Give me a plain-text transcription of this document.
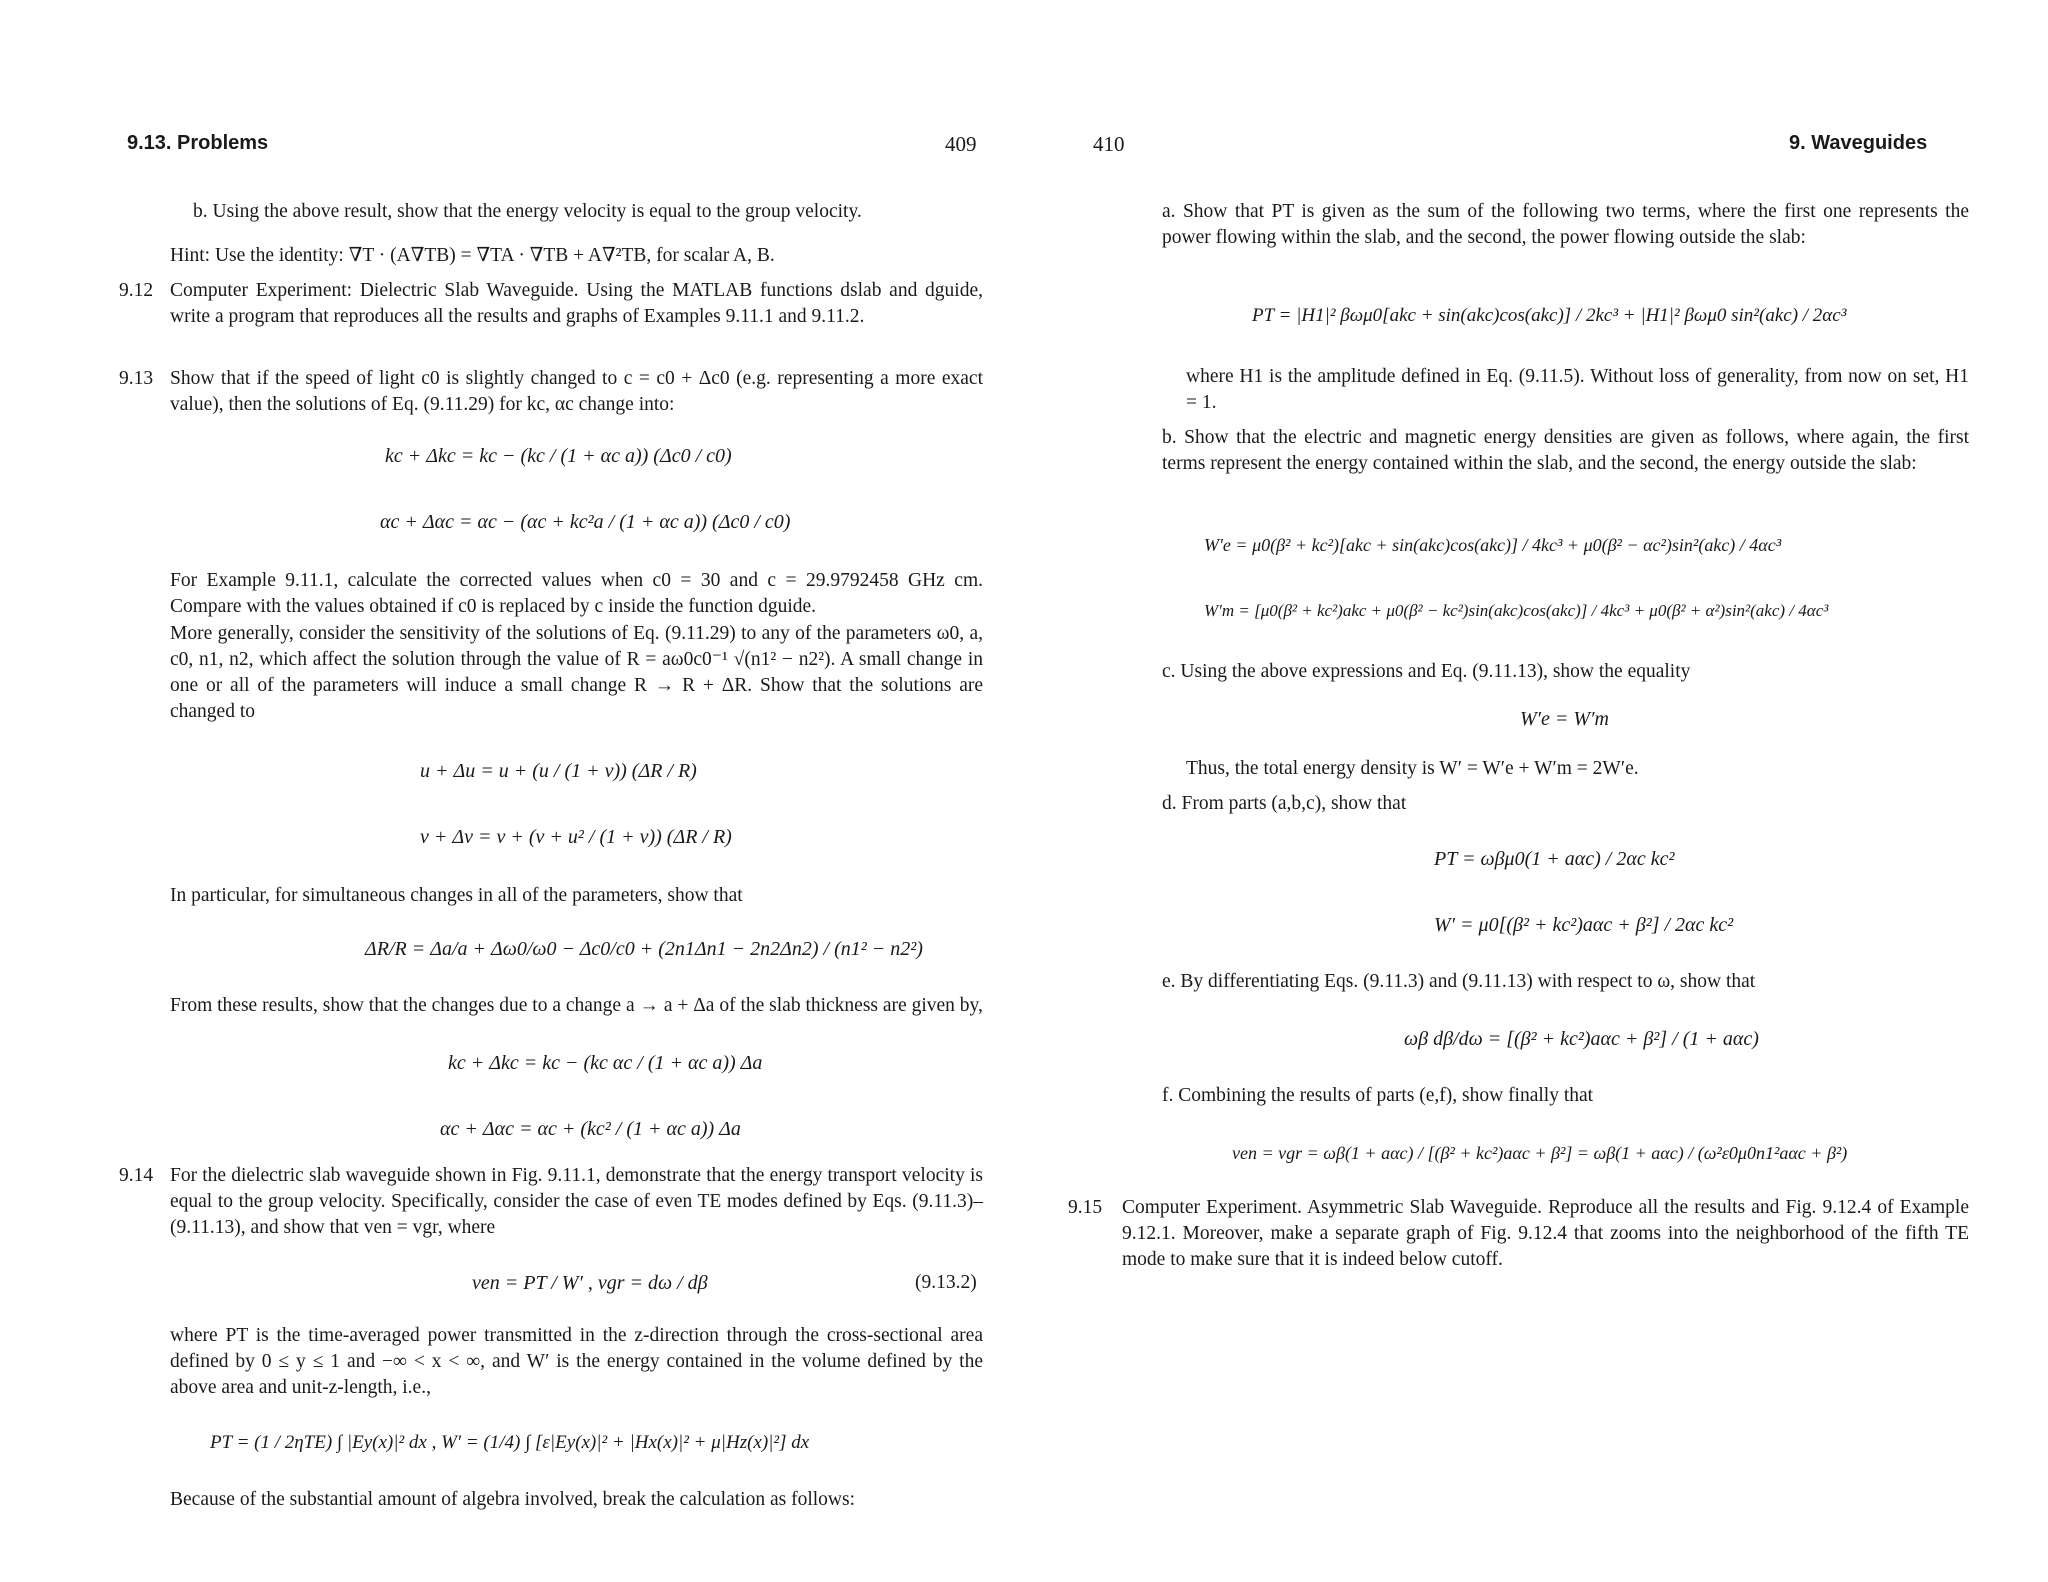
9.13. Problems	409

b. Using the above result, show that the energy velocity is equal to the group velocity.

Hint: Use the identity: ∇T · (A∇TB) = ∇TA · ∇TB + A∇²TB, for scalar A, B.

9.12 Computer Experiment: Dielectric Slab Waveguide. Using the MATLAB functions dslab and dguide, write a program that reproduces all the results and graphs of Examples 9.11.1 and 9.11.2.

9.13 Show that if the speed of light c0 is slightly changed to c = c0 + Δc0 (e.g. representing a more exact value), then the solutions of Eq. (9.11.29) for kc, αc change into:

kc + Δkc = kc − (kc / (1 + αc a)) (Δc0 / c0)
αc + Δαc = αc − (αc + kc²a / (1 + αc a)) (Δc0 / c0)

For Example 9.11.1, calculate the corrected values when c0 = 30 and c = 29.9792458 GHz cm. Compare with the values obtained if c0 is replaced by c inside the function dguide.

More generally, consider the sensitivity of the solutions of Eq. (9.11.29) to any of the parameters ω0, a, c0, n1, n2, which affect the solution through the value of R = aω0c0⁻¹ √(n1² − n2²). A small change in one or all of the parameters will induce a small change R → R + ΔR. Show that the solutions are changed to

u + Δu = u + (u / (1 + v)) (ΔR / R)
v + Δv = v + (v + u² / (1 + v)) (ΔR / R)

In particular, for simultaneous changes in all of the parameters, show that

ΔR/R = Δa/a + Δω0/ω0 − Δc0/c0 + (2n1Δn1 − 2n2Δn2) / (n1² − n2²)

From these results, show that the changes due to a change a → a + Δa of the slab thickness are given by,

kc + Δkc = kc − (kc αc / (1 + αc a)) Δa
αc + Δαc = αc + (kc² / (1 + αc a)) Δa
9.14 For the dielectric slab waveguide shown in Fig. 9.11.1, demonstrate that the energy transport velocity is equal to the group velocity. Specifically, consider the case of even TE modes defined by Eqs. (9.11.3)–(9.11.13), and show that ven = vgr, where

ven = PT / W′ , vgr = dω / dβ	(9.13.2)

where PT is the time-averaged power transmitted in the z-direction through the cross-sectional area defined by 0 ≤ y ≤ 1 and −∞ < x < ∞, and W′ is the energy contained in the volume defined by the above area and unit-z-length, i.e.,

PT = (1 / 2ηTE) ∫ |Ey(x)|² dx , W′ = (1/4) ∫ [ε|Ey(x)|² + |Hx(x)|² + μ|Hz(x)|²] dx

Because of the substantial amount of algebra involved, break the calculation as follows:

410	9. Waveguides

a. Show that PT is given as the sum of the following two terms, where the first one represents the power flowing within the slab, and the second, the power flowing outside the slab:

PT = |H1|² βωμ0[akc + sin(akc)cos(akc)] / 2kc³ + |H1|² βωμ0 sin²(akc) / 2αc³

where H1 is the amplitude defined in Eq. (9.11.5). Without loss of generality, from now on set, H1 = 1.

b. Show that the electric and magnetic energy densities are given as follows, where again, the first terms represent the energy contained within the slab, and the second, the energy outside the slab:

W′e = μ0(β² + kc²)[akc + sin(akc)cos(akc)] / 4kc³ + μ0(β² − αc²)sin²(akc) / 4αc³
W′m = [μ0(β² + kc²)akc + μ0(β² − kc²)sin(akc)cos(akc)] / 4kc³ + μ0(β² + α²)sin²(akc) / 4αc³

c. Using the above expressions and Eq. (9.11.13), show the equality

W′e = W′m

Thus, the total energy density is W′ = W′e + W′m = 2W′e.

d. From parts (a,b,c), show that

PT = ωβμ0(1 + aαc) / 2αc kc²
W′ = μ0[(β² + kc²)aαc + β²] / 2αc kc²

e. By differentiating Eqs. (9.11.3) and (9.11.13) with respect to ω, show that

ωβ dβ/dω = [(β² + kc²)aαc + β²] / (1 + aαc)

f. Combining the results of parts (e,f), show finally that

ven = vgr = ωβ(1 + aαc) / [(β² + kc²)aαc + β²] = ωβ(1 + aαc) / (ω²ε0μ0n1²aαc + β²)
9.15 Computer Experiment. Asymmetric Slab Waveguide. Reproduce all the results and Fig. 9.12.4 of Example 9.12.1. Moreover, make a separate graph of Fig. 9.12.4 that zooms into the neighborhood of the fifth TE mode to make sure that it is indeed below cutoff.
